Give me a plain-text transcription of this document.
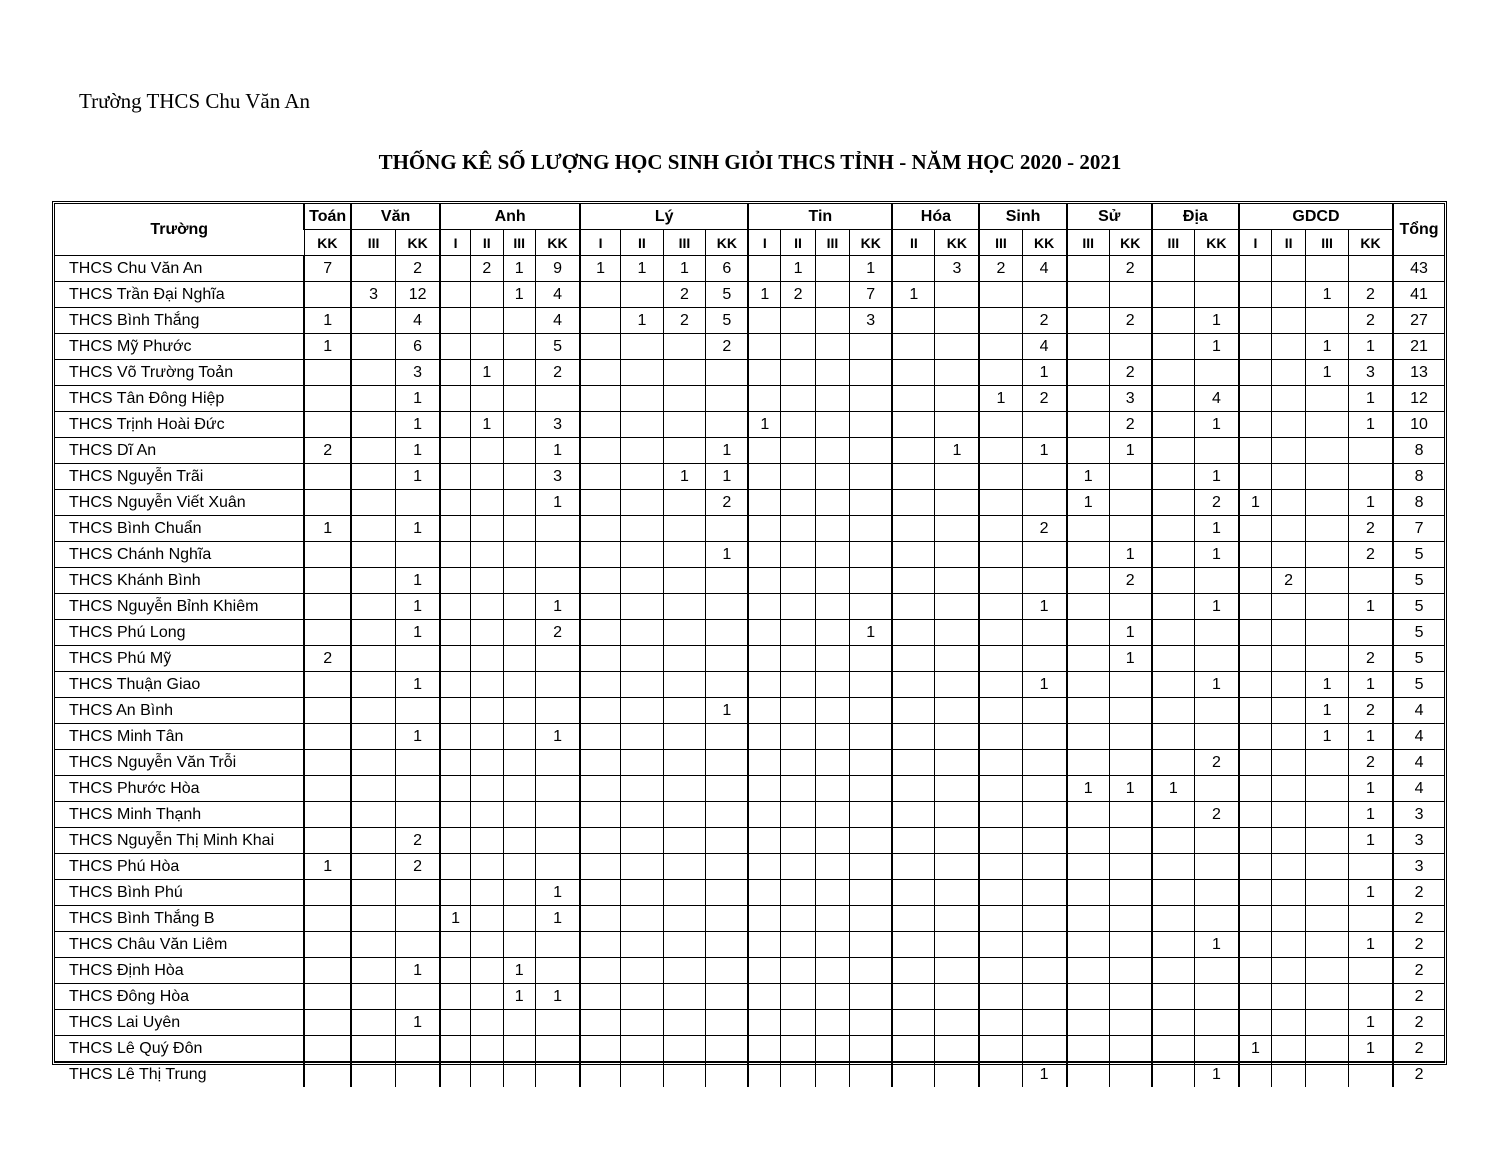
Trường THCS Chu Văn An
THỐNG KÊ SỐ LƯỢNG HỌC SINH GIỎI THCS TỈNH - NĂM HỌC 2020 - 2021
Trường	Toán	Văn		Anh				Lý				Tin				Hóa		Sinh		Sử		Địa		GDCD				Tổng
	KK	III	KK	I	II	III	KK	I	II	III	KK	I	II	III	KK	II	KK	III	KK	III	KK	III	KK	I	II	III	KK	
THCS Chu Văn An	7		2		2	1	9	1	1	1	6		1		1		3	2	4		2							43
THCS Trần Đại Nghĩa		3	12			1	4			2	5	1	2		7	1										1	2	41
THCS Bình Thắng	1		4				4		1	2	5				3				2		2		1				2	27
THCS Mỹ Phước	1		6				5				2								4				1			1	1	21
THCS Võ Trường Toản			3		1		2												1		2					1	3	13
THCS Tân Đông Hiệp			1															1	2		3		4				1	12
THCS Trịnh Hoài Đức			1		1		3					1									2		1				1	10
THCS Dĩ An	2		1				1				1						1		1		1							8
THCS Nguyễn Trãi			1				3			1	1									1			1					8
THCS Nguyễn Viết Xuân							1				2									1			2	1			1	8
THCS Bình Chuẩn	1		1																2				1				2	7
THCS Chánh Nghĩa											1										1		1				2	5
THCS Khánh Bình			1																		2				2			5
THCS Nguyễn Bỉnh Khiêm			1				1												1				1				1	5
THCS Phú Long			1				2								1						1							5
THCS Phú Mỹ	2																				1						2	5
THCS Thuận Giao			1																1				1			1	1	5
THCS An Bình											1															1	2	4
THCS Minh Tân			1				1																			1	1	4
THCS Nguyễn Văn Trỗi																							2				2	4
THCS Phước Hòa																				1	1	1					1	4
THCS Minh Thạnh																							2				1	3
THCS Nguyễn Thị Minh Khai			2																								1	3
THCS Phú Hòa	1		2																									3
THCS Bình Phú							1																				1	2
THCS Bình Thắng B				1			1																					2
THCS Châu Văn Liêm																							1				1	2
THCS Định Hòa			1			1																						2
THCS Đông Hòa						1	1																					2
THCS Lai Uyên			1																								1	2
THCS Lê Quý Đôn																								1			1	2
THCS Lê Thị Trung																			1				1					2
